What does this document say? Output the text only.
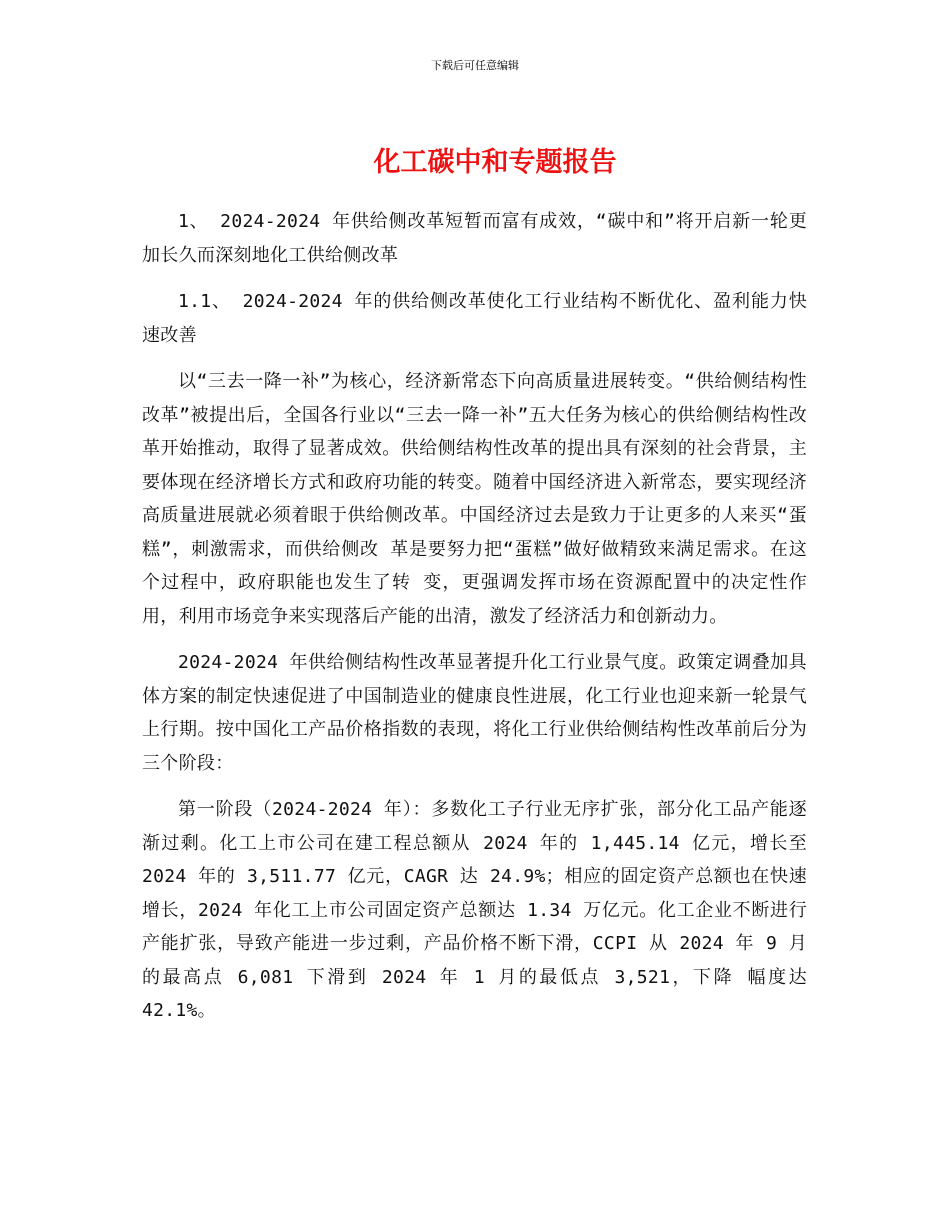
下载后可任意编辑
化工碳中和专题报告

1、 2024-2024 年供给侧改革短暂而富有成效，“碳中和”将开启新一轮更加长久而深刻地化工供给侧改革

1.1、 2024-2024 年的供给侧改革使化工行业结构不断优化、盈利能力快速改善

以“三去一降一补”为核心，经济新常态下向高质量进展转变。“供给侧结构性改革”被提出后，全国各行业以“三去一降一补”五大任务为核心的供给侧结构性改革开始推动，取得了显著成效。供给侧结构性改革的提出具有深刻的社会背景，主要体现在经济增长方式和政府功能的转变。随着中国经济进入新常态，要实现经济高质量进展就必须着眼于供给侧改革。中国经济过去是致力于让更多的人来买“蛋糕”，刺激需求，而供给侧改 革是要努力把“蛋糕”做好做精致来满足需求。在这个过程中，政府职能也发生了转 变，更强调发挥市场在资源配置中的决定性作用，利用市场竞争来实现落后产能的出清，激发了经济活力和创新动力。

2024-2024 年供给侧结构性改革显著提升化工行业景气度。政策定调叠加具体方案的制定快速促进了中国制造业的健康良性进展，化工行业也迎来新一轮景气上行期。按中国化工产品价格指数的表现，将化工行业供给侧结构性改革前后分为三个阶段：

第一阶段（2024-2024 年）：多数化工子行业无序扩张，部分化工品产能逐渐过剩。化工上市公司在建工程总额从 2024 年的 1,445.14 亿元，增长至 2024 年的 3,511.77 亿元，CAGR 达 24.9%；相应的固定资产总额也在快速增长，2024 年化工上市公司固定资产总额达 1.34 万亿元。化工企业不断进行产能扩张，导致产能进一步过剩，产品价格不断下滑，CCPI 从 2024 年 9 月的最高点 6,081 下滑到 2024 年 1 月的最低点 3,521，下降 幅度达 42.1%。
